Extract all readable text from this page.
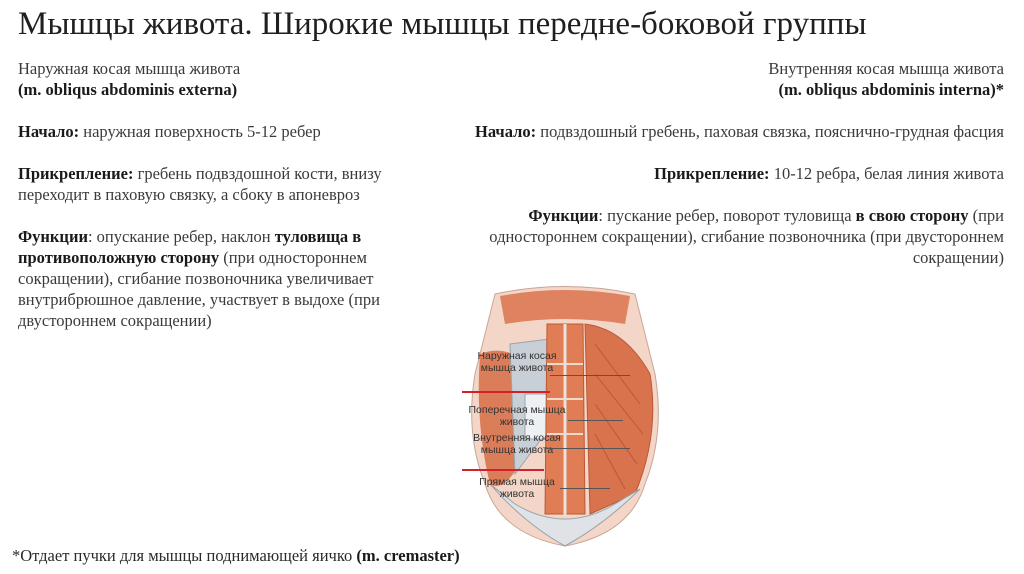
Мышцы живота. Широкие мышцы передне-боковой группы

Наружная косая мышца живота

(m. obliqus abdominis externa)

Начало: наружная поверхность 5-12 ребер

Прикрепление: гребень подвздошной кости, внизу переходит в паховую связку, а сбоку в апоневроз

Функции: опускание ребер, наклон туловища в противоположную сторону (при одностороннем сокращении), сгибание позвоночника увеличивает внутрибрюшное давление, участвует в выдохе (при двустороннем сокращении)

Внутренняя косая мышца живота

(m. obliqus abdominis interna)*

Начало: подвздошный гребень, паховая связка, пояснично-грудная фасция

Прикрепление: 10-12 ребра, белая линия живота

Функции: пускание ребер, поворот туловища в свою сторону (при одностороннем сокращении), сгибание позвоночника (при двустороннем сокращении)

Наружная косая мышца живота
Поперечная мышца живота
Внутренняя косая мышца живота
Прямая мышца живота

*Отдает пучки для мышцы поднимающей яичко (m. cremaster)
